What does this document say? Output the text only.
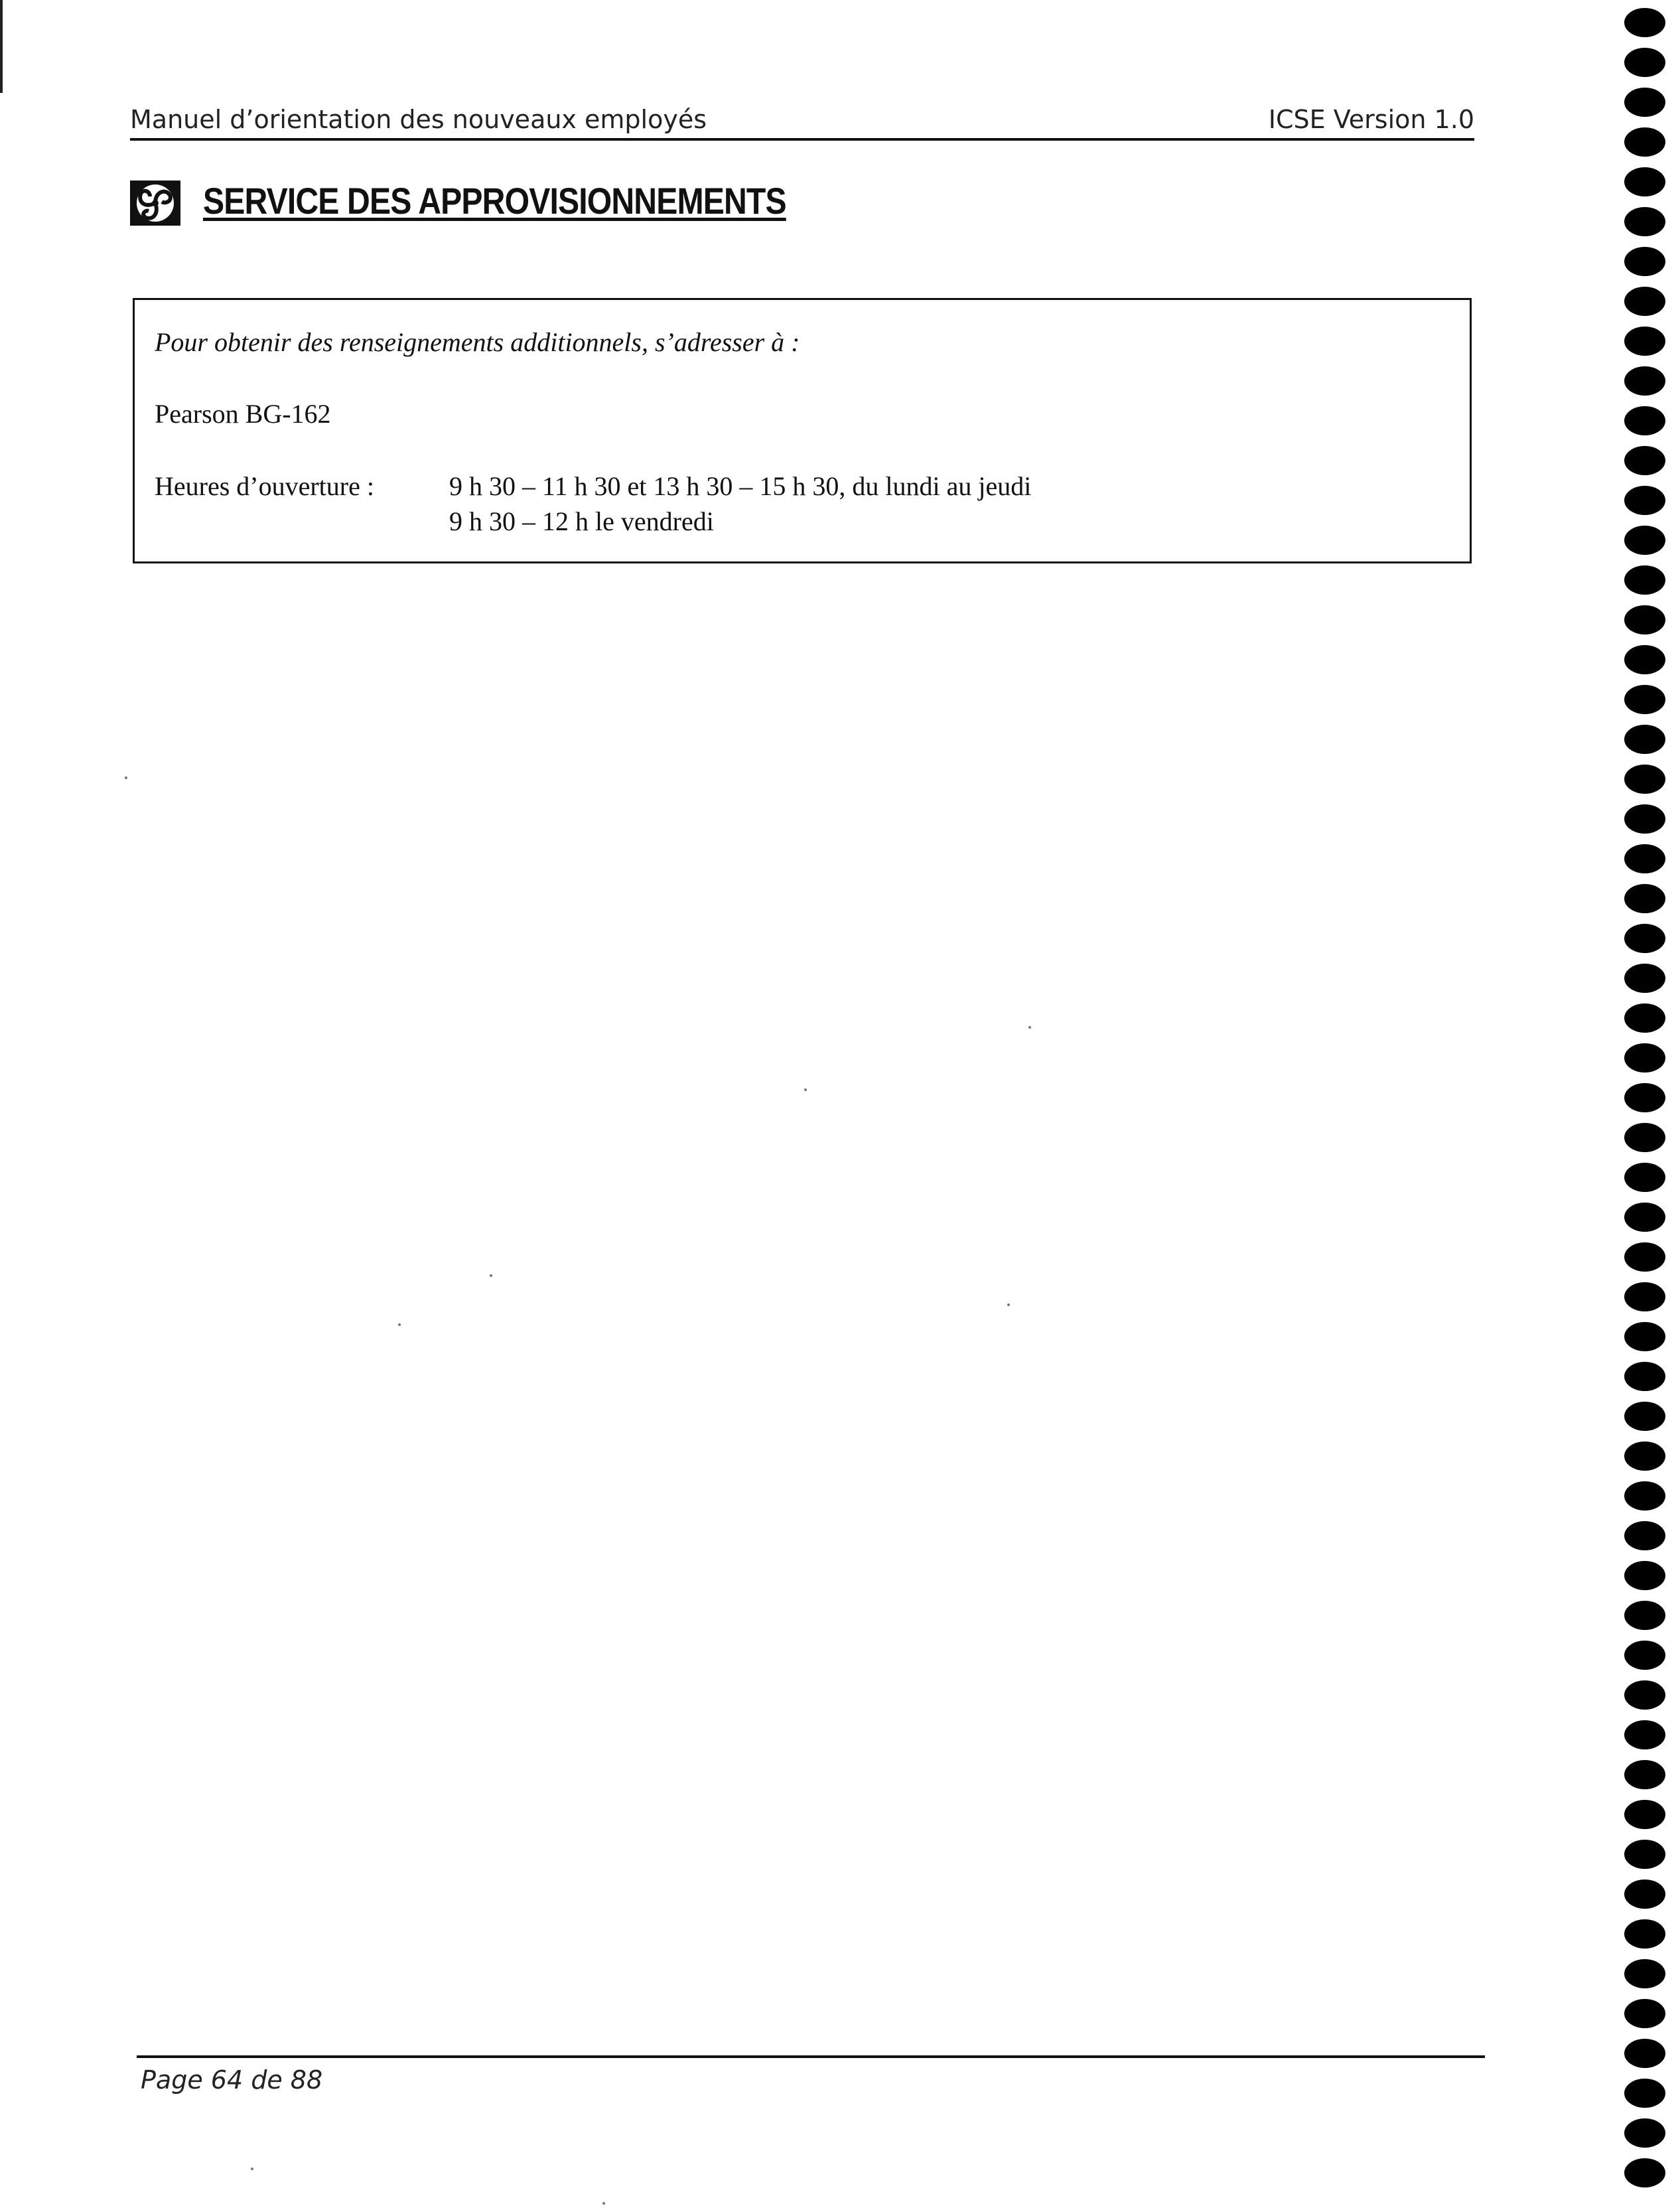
Manuel d’orientation des nouveaux employés	ICSE Version 1.0
SERVICE DES APPROVISIONNEMENTS
Pour obtenir des renseignements additionnels, s’adresser à :
Pearson BG-162
Heures d’ouverture :	9 h 30 – 11 h 30 et 13 h 30 – 15 h 30, du lundi au jeudi
9 h 30 – 12 h le vendredi
Page 64 de 88
